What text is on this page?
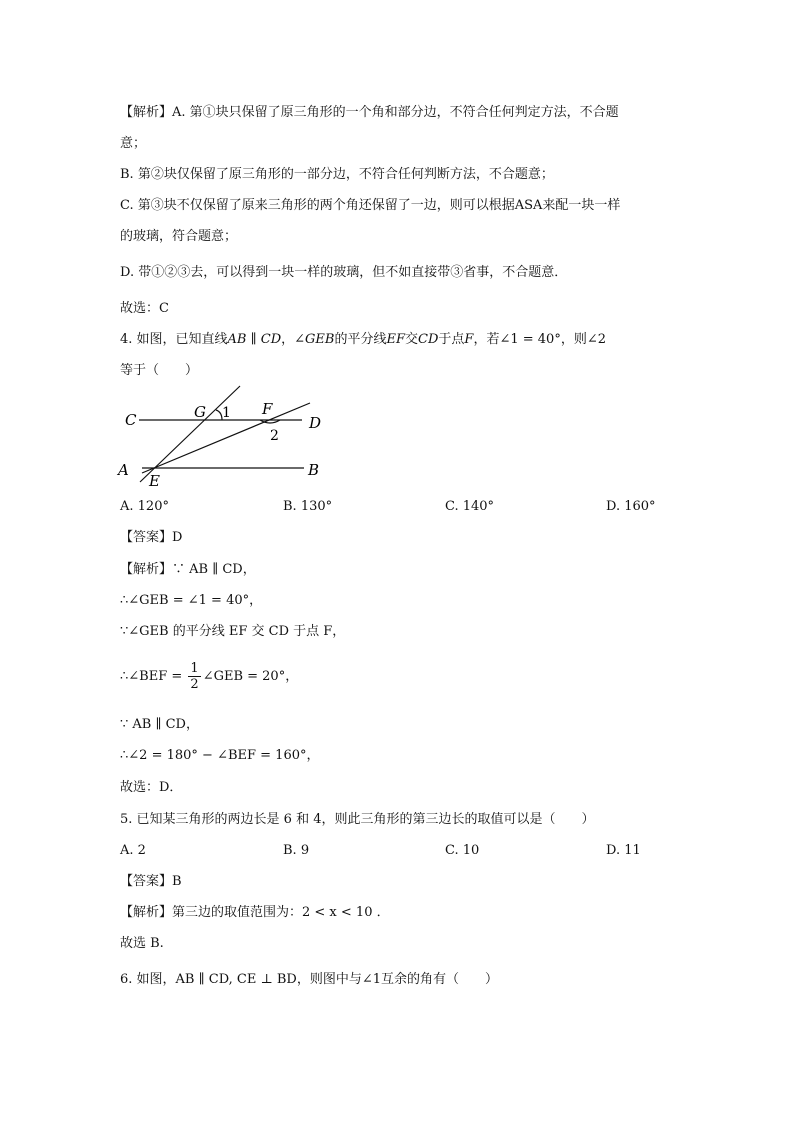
【解析】A. 第①块只保留了原三角形的一个角和部分边，不符合任何判定方法，不合题
意；
B. 第②块仅保留了原三角形的一部分边，不符合任何判断方法，不合题意；
C. 第③块不仅保留了原来三角形的两个角还保留了一边，则可以根据ASA来配一块一样
的玻璃，符合题意；
D. 带①②③去，可以得到一块一样的玻璃，但不如直接带③省事，不合题意．
故选：C
4. 如图，已知直线AB ∥ CD，∠GEB的平分线EF交CD于点F，若∠1 = 40°，则∠2
等于（　　）
C	G 1 F
D
2
A	B
E
A. 120°	B. 130°	C. 140°	D. 160°
【答案】D
【解析】∵ AB ∥ CD，
∴∠GEB = ∠1 = 40°，
∵∠GEB 的平分线 EF 交 CD 于点 F，
∴∠BEF = $\frac{1}{2}$ ∠GEB = 20°，
∵ AB ∥ CD，
∴∠2 = 180° − ∠BEF = 160°，
故选：D．
5. 已知某三角形的两边长是 6 和 4，则此三角形的第三边长的取值可以是（　　）
A. 2	B. 9	C. 10	D. 11
【答案】B
【解析】第三边的取值范围为：2 < x < 10 ．
故选 B.
6. 如图，AB ∥ CD, CE ⊥ BD，则图中与∠1互余的角有（　　）
